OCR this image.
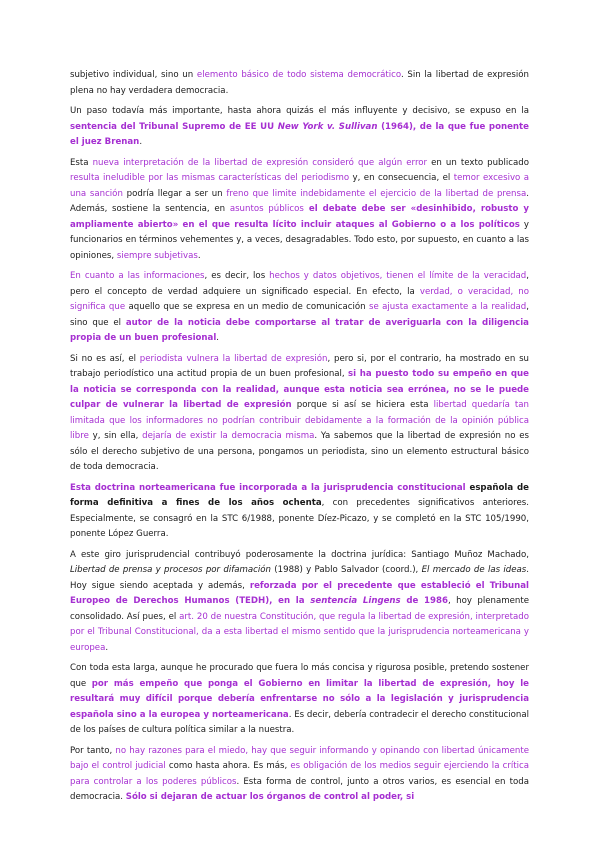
subjetivo individual, sino un elemento básico de todo sistema democrático. Sin la libertad de expresión plena no hay verdadera democracia.

Un paso todavía más importante, hasta ahora quizás el más influyente y decisivo, se expuso en la sentencia del Tribunal Supremo de EE UU New York v. Sullivan (1964), de la que fue ponente el juez Brenan.

Esta nueva interpretación de la libertad de expresión consideró que algún error en un texto publicado resulta ineludible por las mismas características del periodismo y, en consecuencia, el temor excesivo a una sanción podría llegar a ser un freno que limite indebidamente el ejercicio de la libertad de prensa. Además, sostiene la sentencia, en asuntos públicos el debate debe ser «desinhibido, robusto y ampliamente abierto» en el que resulta lícito incluir ataques al Gobierno o a los políticos y funcionarios en términos vehementes y, a veces, desagradables. Todo esto, por supuesto, en cuanto a las opiniones, siempre subjetivas.

En cuanto a las informaciones, es decir, los hechos y datos objetivos, tienen el límite de la veracidad, pero el concepto de verdad adquiere un significado especial. En efecto, la verdad, o veracidad, no significa que aquello que se expresa en un medio de comunicación se ajusta exactamente a la realidad, sino que el autor de la noticia debe comportarse al tratar de averiguarla con la diligencia propia de un buen profesional.

Si no es así, el periodista vulnera la libertad de expresión, pero si, por el contrario, ha mostrado en su trabajo periodístico una actitud propia de un buen profesional, si ha puesto todo su empeño en que la noticia se corresponda con la realidad, aunque esta noticia sea errónea, no se le puede culpar de vulnerar la libertad de expresión porque si así se hiciera esta libertad quedaría tan limitada que los informadores no podrían contribuir debidamente a la formación de la opinión pública libre y, sin ella, dejaría de existir la democracia misma. Ya sabemos que la libertad de expresión no es sólo el derecho subjetivo de una persona, pongamos un periodista, sino un elemento estructural básico de toda democracia.

Esta doctrina norteamericana fue incorporada a la jurisprudencia constitucional española de forma definitiva a fines de los años ochenta, con precedentes significativos anteriores. Especialmente, se consagró en la STC 6/1988, ponente Díez-Picazo, y se completó en la STC 105/1990, ponente López Guerra.

A este giro jurisprudencial contribuyó poderosamente la doctrina jurídica: Santiago Muñoz Machado, Libertad de prensa y procesos por difamación (1988) y Pablo Salvador (coord.), El mercado de las ideas. Hoy sigue siendo aceptada y además, reforzada por el precedente que estableció el Tribunal Europeo de Derechos Humanos (TEDH), en la sentencia Lingens de 1986, hoy plenamente consolidado. Así pues, el art. 20 de nuestra Constitución, que regula la libertad de expresión, interpretado por el Tribunal Constitucional, da a esta libertad el mismo sentido que la jurisprudencia norteamericana y europea.

Con toda esta larga, aunque he procurado que fuera lo más concisa y rigurosa posible, pretendo sostener que por más empeño que ponga el Gobierno en limitar la libertad de expresión, hoy le resultará muy difícil porque debería enfrentarse no sólo a la legislación y jurisprudencia española sino a la europea y norteamericana. Es decir, debería contradecir el derecho constitucional de los países de cultura política similar a la nuestra.

Por tanto, no hay razones para el miedo, hay que seguir informando y opinando con libertad únicamente bajo el control judicial como hasta ahora. Es más, es obligación de los medios seguir ejerciendo la crítica para controlar a los poderes públicos. Esta forma de control, junto a otros varios, es esencial en toda democracia. Sólo si dejaran de actuar los órganos de control al poder, si
